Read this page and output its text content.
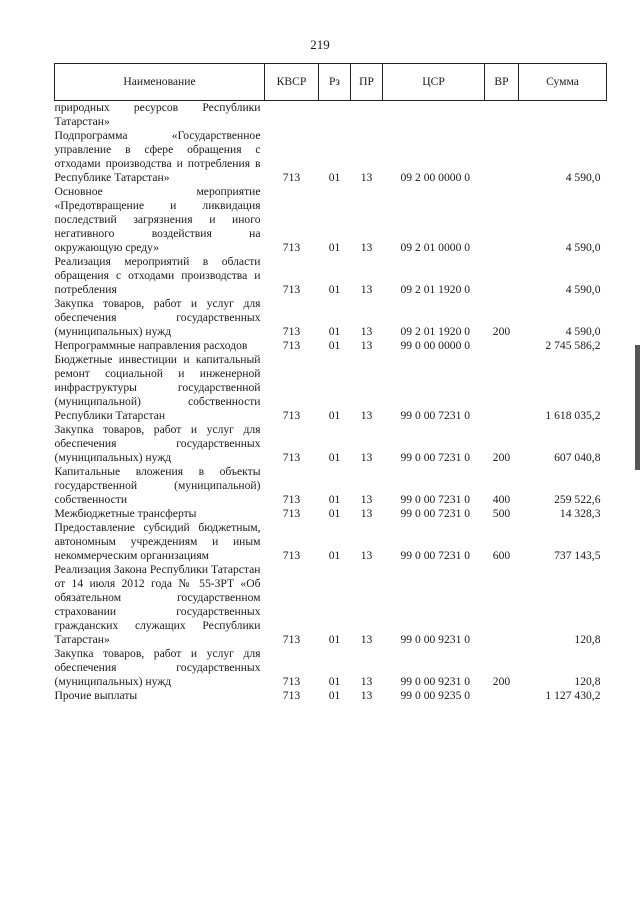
219
Наименование	КВСР	Рз	ПР	ЦСР	ВР	Сумма
природных ресурсов Республики Татарстан»						
Подпрограмма «Государственное управление в сфере обращения с отходами производства и потребления в Республике Татарстан»	713	01	13	09 2 00 0000 0		4 590,0
Основное мероприятие «Предотвращение и ликвидация последствий загрязнения и иного негативного воздействия на окружающую среду»	713	01	13	09 2 01 0000 0		4 590,0
Реализация мероприятий в области обращения с отходами производства и потребления	713	01	13	09 2 01 1920 0		4 590,0
Закупка товаров, работ и услуг для обеспечения государственных (муниципальных) нужд	713	01	13	09 2 01 1920 0	200	4 590,0
Непрограммные направления расходов	713	01	13	99 0 00 0000 0		2 745 586,2
Бюджетные инвестиции и капитальный ремонт социальной и инженерной инфраструктуры государственной (муниципальной) собственности Республики Татарстан	713	01	13	99 0 00 7231 0		1 618 035,2
Закупка товаров, работ и услуг для обеспечения государственных (муниципальных) нужд	713	01	13	99 0 00 7231 0	200	607 040,8
Капитальные вложения в объекты государственной (муниципальной) собственности	713	01	13	99 0 00 7231 0	400	259 522,6
Межбюджетные трансферты	713	01	13	99 0 00 7231 0	500	14 328,3
Предоставление субсидий бюджетным, автономным учреждениям и иным некоммерческим организациям	713	01	13	99 0 00 7231 0	600	737 143,5
Реализация Закона Республики Татарстан от 14 июля 2012 года № 55-ЗРТ «Об обязательном государственном страховании государственных гражданских служащих Республики Татарстан»	713	01	13	99 0 00 9231 0		120,8
Закупка товаров, работ и услуг для обеспечения государственных (муниципальных) нужд	713	01	13	99 0 00 9231 0	200	120,8
Прочие выплаты	713	01	13	99 0 00 9235 0		1 127 430,2
